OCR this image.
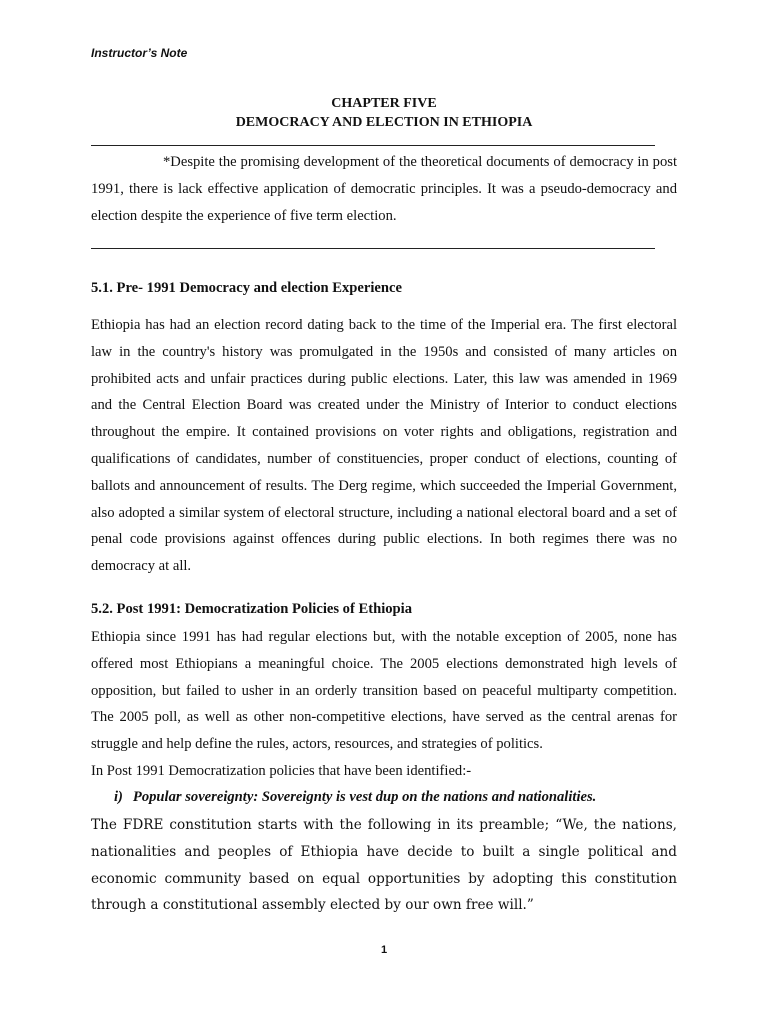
Instructor’s Note
CHAPTER FIVE
DEMOCRACY AND ELECTION IN ETHIOPIA

*Despite the promising development of the theoretical documents of democracy in post 1991, there is lack effective application of democratic principles. It was a pseudo-democracy and election despite the experience of five term election.

5.1. Pre- 1991 Democracy and election Experience

Ethiopia has had an election record dating back to the time of the Imperial era. The first electoral law in the country's history was promulgated in the 1950s and consisted of many articles on prohibited acts and unfair practices during public elections. Later, this law was amended in 1969 and the Central Election Board was created under the Ministry of Interior to conduct elections throughout the empire. It contained provisions on voter rights and obligations, registration and qualifications of candidates, number of constituencies, proper conduct of elections, counting of ballots and announcement of results. The Derg regime, which succeeded the Imperial Government, also adopted a similar system of electoral structure, including a national electoral board and a set of penal code provisions against offences during public elections. In both regimes there was no democracy at all.

5.2. Post 1991: Democratization Policies of Ethiopia

Ethiopia since 1991 has had regular elections but, with the notable exception of 2005, none has offered most Ethiopians a meaningful choice. The 2005 elections demonstrated high levels of opposition, but failed to usher in an orderly transition based on peaceful multiparty competition. The 2005 poll, as well as other non-competitive elections, have served as the central arenas for struggle and help define the rules, actors, resources, and strategies of politics.

In Post 1991 Democratization policies that have been identified:-

i) Popular sovereignty: Sovereignty is vest dup on the nations and nationalities.

The FDRE constitution starts with the following in its preamble; “We, the nations, nationalities and peoples of Ethiopia have decide to built a single political and economic community based on equal opportunities by adopting this constitution through a constitutional assembly elected by our own free will.”

1
